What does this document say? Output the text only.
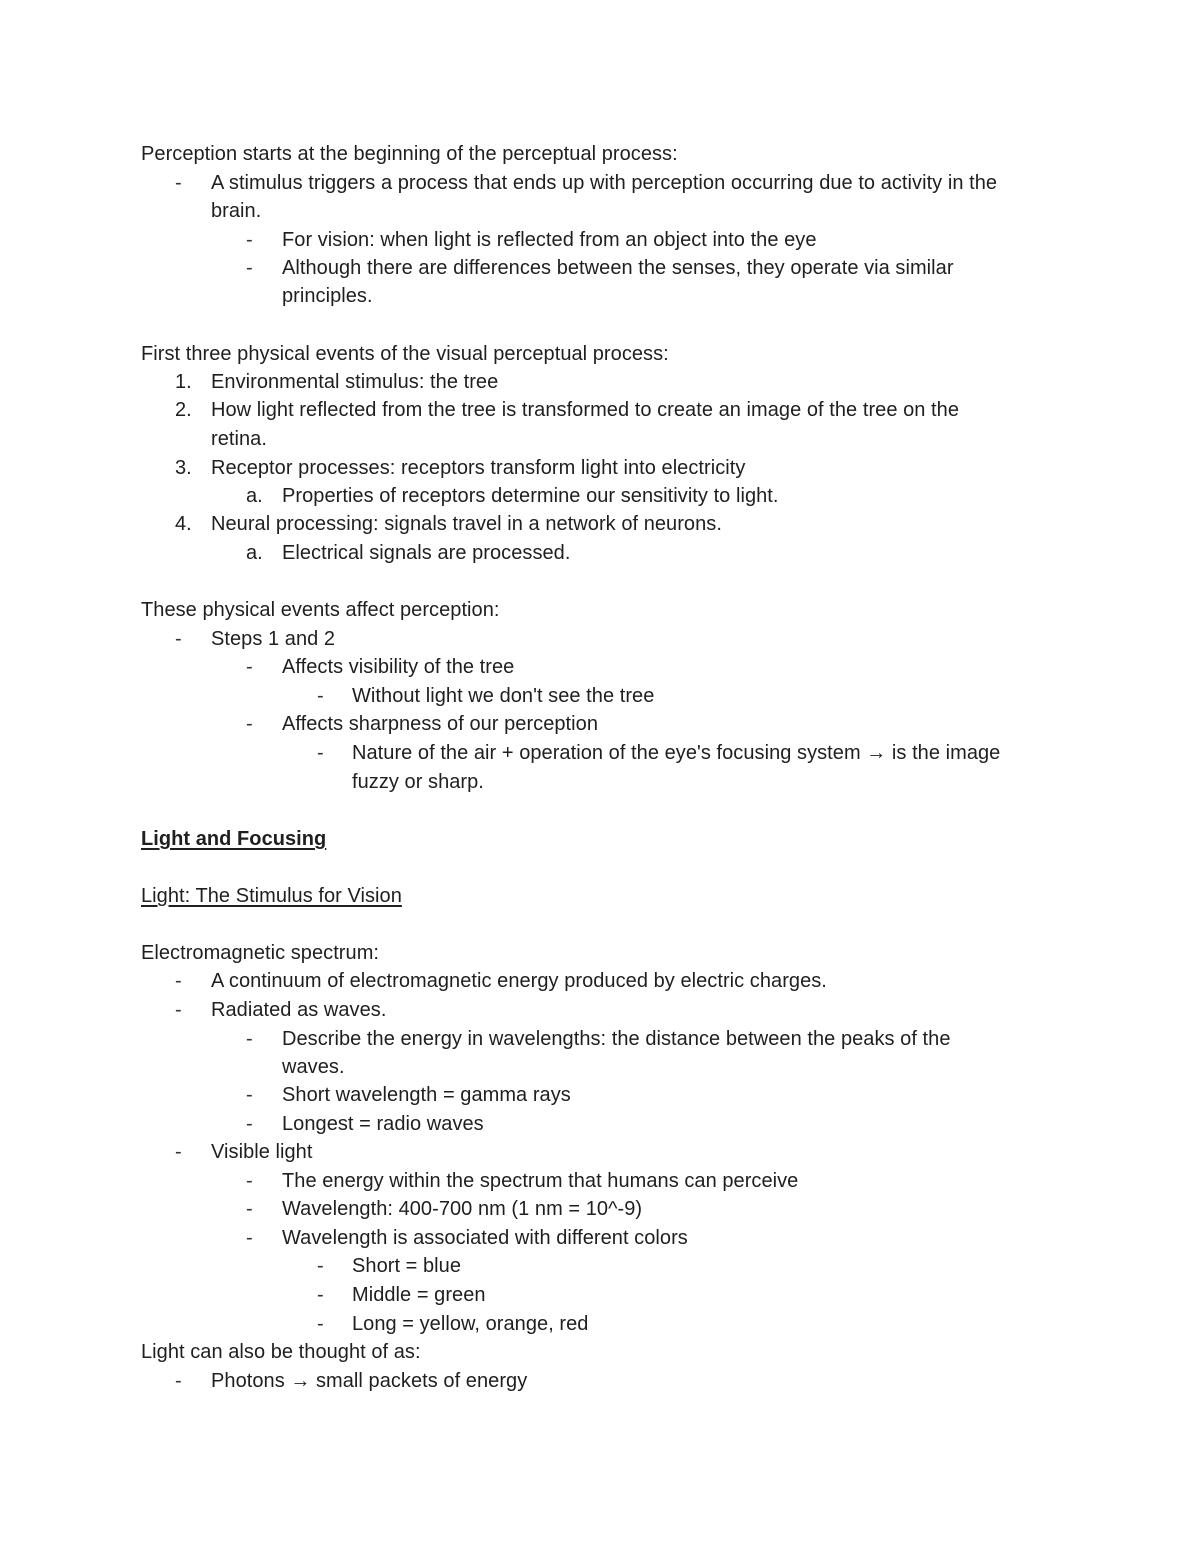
Perception starts at the beginning of the perceptual process:
- A stimulus triggers a process that ends up with perception occurring due to activity in the
brain.
- For vision: when light is reflected from an object into the eye
- Although there are differences between the senses, they operate via similar
principles.
First three physical events of the visual perceptual process:
1. Environmental stimulus: the tree
2. How light reflected from the tree is transformed to create an image of the tree on the
retina.
3. Receptor processes: receptors transform light into electricity
a. Properties of receptors determine our sensitivity to light.
4. Neural processing: signals travel in a network of neurons.
a. Electrical signals are processed.
These physical events affect perception:
- Steps 1 and 2
- Affects visibility of the tree
- Without light we don't see the tree
- Affects sharpness of our perception
- Nature of the air + operation of the eye's focusing system → is the image
fuzzy or sharp.
Light and Focusing
Light: The Stimulus for Vision
Electromagnetic spectrum:
- A continuum of electromagnetic energy produced by electric charges.
- Radiated as waves.
- Describe the energy in wavelengths: the distance between the peaks of the
waves.
- Short wavelength = gamma rays
- Longest = radio waves
- Visible light
- The energy within the spectrum that humans can perceive
- Wavelength: 400-700 nm (1 nm = 10^-9)
- Wavelength is associated with different colors
- Short = blue
- Middle = green
- Long = yellow, orange, red
Light can also be thought of as:
- Photons → small packets of energy
